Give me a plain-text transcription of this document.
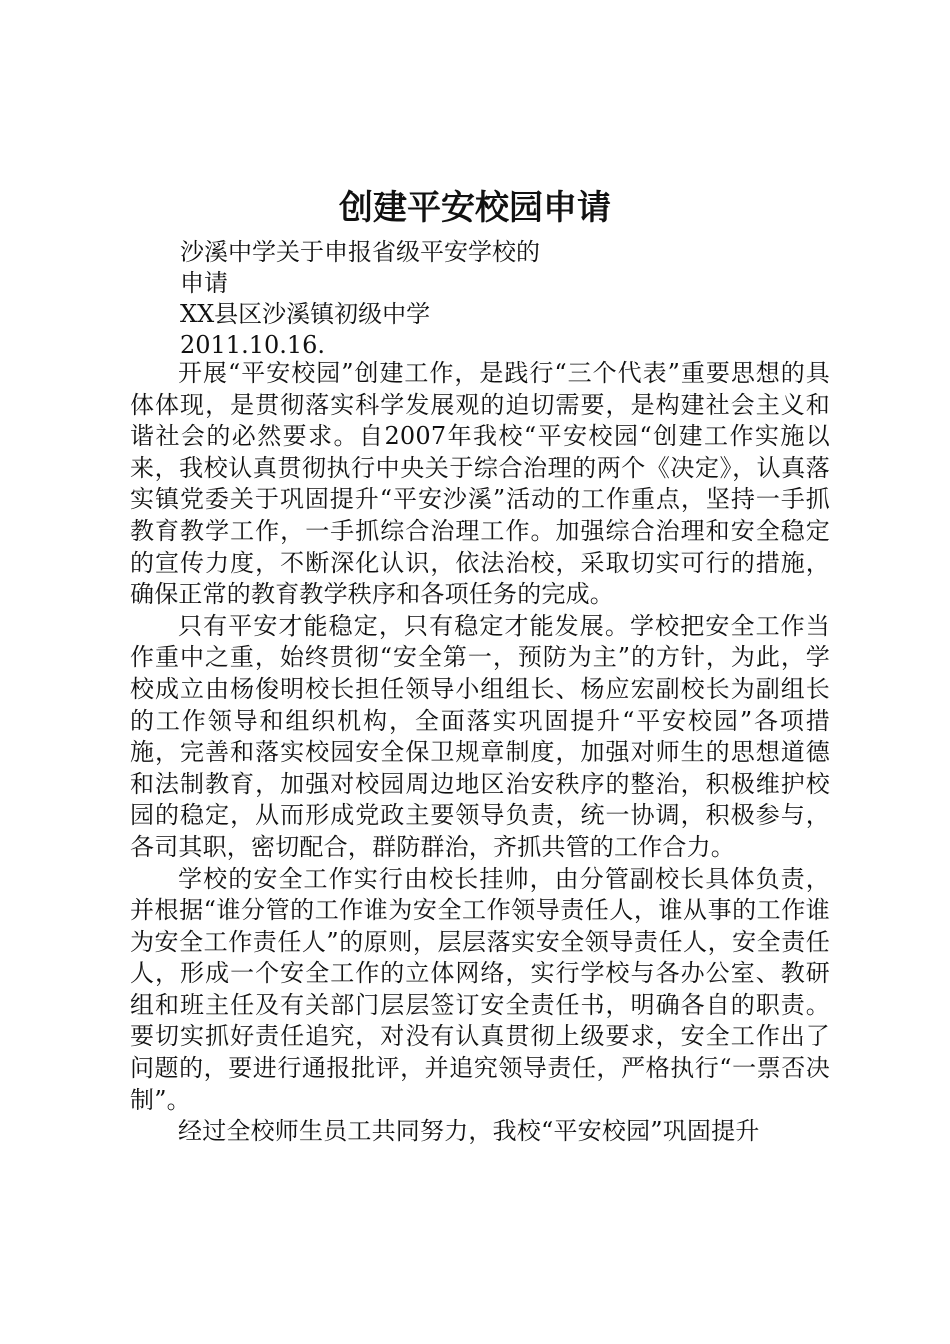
创建平安校园申请
沙溪中学关于申报省级平安学校的
申请
XX县区沙溪镇初级中学
2011.10.16.

开展“平安校园”创建工作，是践行“三个代表”重要思想的具体体现，是贯彻落实科学发展观的迫切需要，是构建社会主义和谐社会的必然要求。自2007年我校“平安校园“创建工作实施以来，我校认真贯彻执行中央关于综合治理的两个《决定》，认真落实镇党委关于巩固提升“平安沙溪”活动的工作重点，坚持一手抓教育教学工作，一手抓综合治理工作。加强综合治理和安全稳定的宣传力度，不断深化认识，依法治校，采取切实可行的措施，确保正常的教育教学秩序和各项任务的完成。

只有平安才能稳定，只有稳定才能发展。学校把安全工作当作重中之重，始终贯彻“安全第一，预防为主”的方针，为此，学校成立由杨俊明校长担任领导小组组长、杨应宏副校长为副组长的工作领导和组织机构，全面落实巩固提升“平安校园”各项措施，完善和落实校园安全保卫规章制度，加强对师生的思想道德和法制教育，加强对校园周边地区治安秩序的整治，积极维护校园的稳定，从而形成党政主要领导负责，统一协调，积极参与，各司其职，密切配合，群防群治，齐抓共管的工作合力。

学校的安全工作实行由校长挂帅，由分管副校长具体负责，并根据“谁分管的工作谁为安全工作领导责任人，谁从事的工作谁为安全工作责任人”的原则，层层落实安全领导责任人，安全责任人，形成一个安全工作的立体网络，实行学校与各办公室、教研组和班主任及有关部门层层签订安全责任书，明确各自的职责。要切实抓好责任追究，对没有认真贯彻上级要求，安全工作出了问题的，要进行通报批评，并追究领导责任，严格执行“一票否决制”。

经过全校师生员工共同努力，我校“平安校园”巩固提升
